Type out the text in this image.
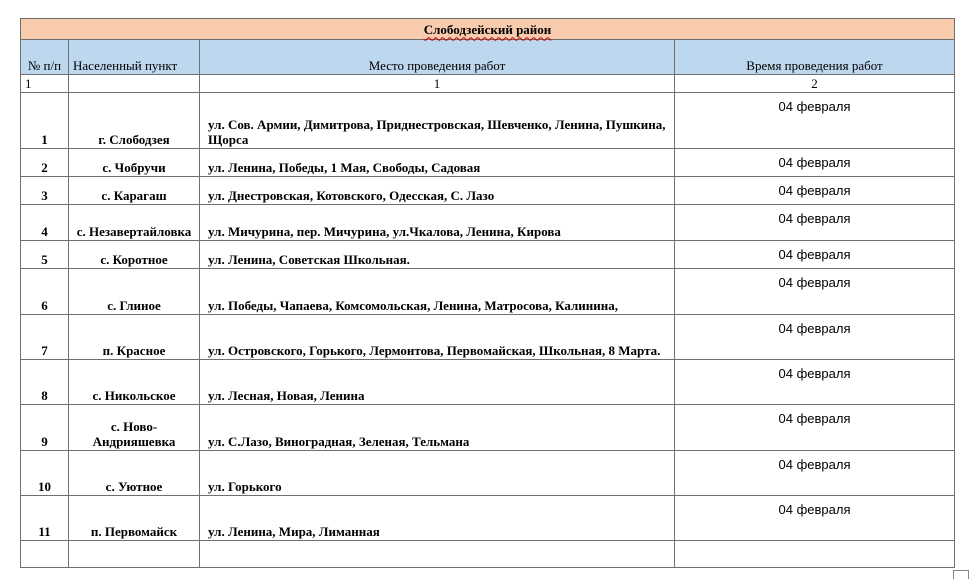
Слободзейский район			
№ п/п	Населенный пункт	Место проведения работ	Время проведения работ
1		1	2
1	г. Слободзея	ул. Сов. Армии, Димитрова, Приднестровская, Шевченко, Ленина, Пушкина, Щорса	04 февраля
2	с. Чобручи	ул. Ленина, Победы, 1 Мая, Свободы, Садовая	04 февраля
3	с. Карагаш	ул. Днестровская, Котовского, Одесская, С. Лазо	04 февраля
4	с. Незавертайловка	ул. Мичурина, пер. Мичурина, ул.Чкалова, Ленина, Кирова	04 февраля
5	с. Коротное	ул. Ленина, Советская Школьная.	04 февраля
6	с. Глиное	ул. Победы, Чапаева, Комсомольская, Ленина, Матросова, Калинина,	04 февраля
7	п. Красное	ул. Островского, Горького, Лермонтова, Первомайская, Школьная, 8 Марта.	04 февраля
8	с. Никольское	ул. Лесная, Новая, Ленина	04 февраля
9	с. Ново-Андрияшевка	ул. С.Лазо, Виноградная, Зеленая, Тельмана	04 февраля
10	с. Уютное	ул. Горького	04 февраля
11	п. Первомайск	ул. Ленина, Мира, Лиманная	04 февраля
